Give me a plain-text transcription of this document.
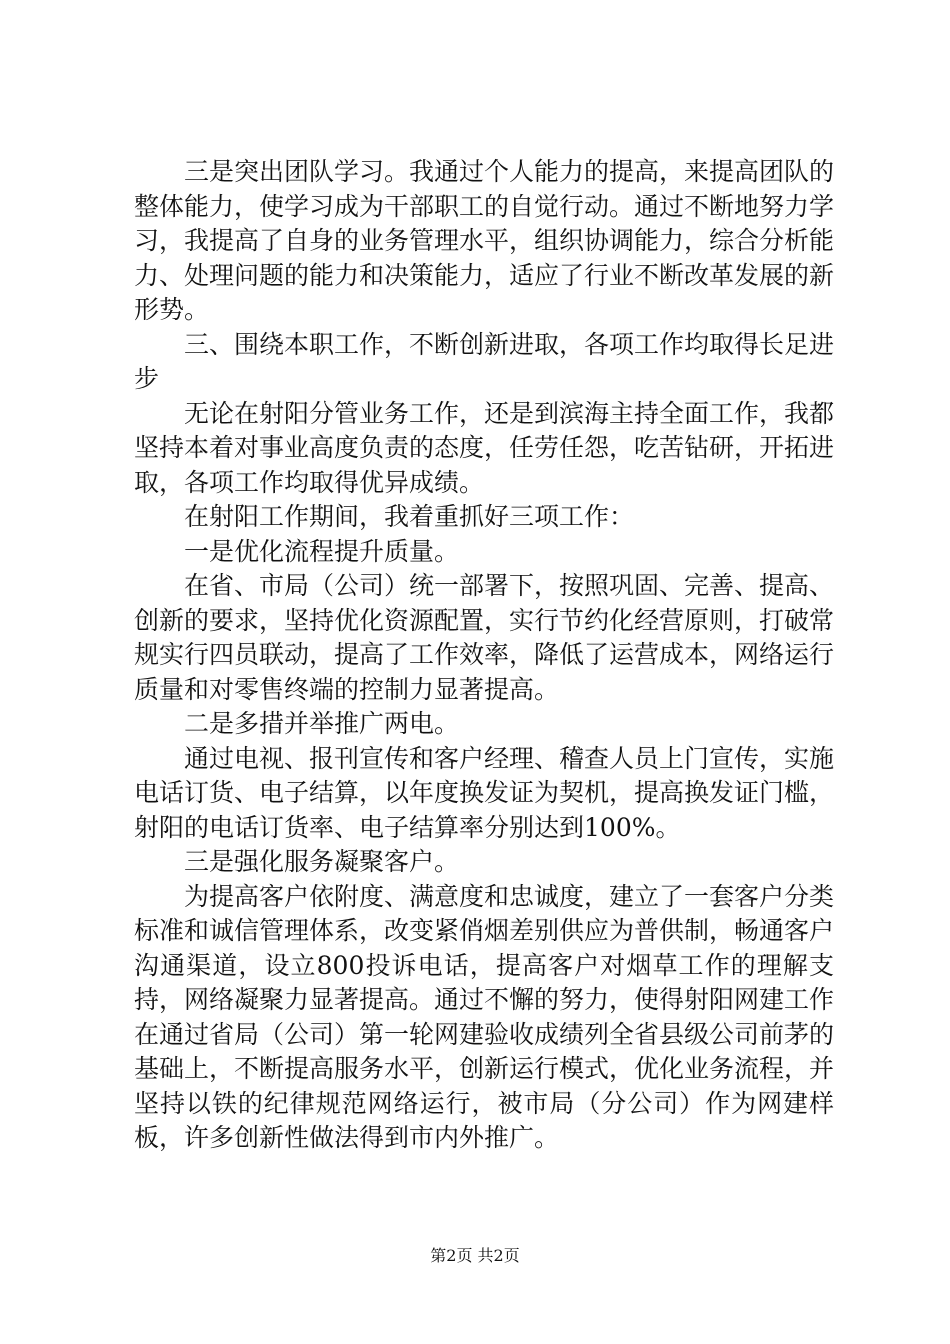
三是突出团队学习。我通过个人能力的提高，来提高团队的整体能力，使学习成为干部职工的自觉行动。通过不断地努力学习，我提高了自身的业务管理水平，组织协调能力，综合分析能力、处理问题的能力和决策能力，适应了行业不断改革发展的新形势。

三、围绕本职工作，不断创新进取，各项工作均取得长足进步

无论在射阳分管业务工作，还是到滨海主持全面工作，我都坚持本着对事业高度负责的态度，任劳任怨，吃苦钻研，开拓进取，各项工作均取得优异成绩。

在射阳工作期间，我着重抓好三项工作：

一是优化流程提升质量。

在省、市局（公司）统一部署下，按照巩固、完善、提高、创新的要求，坚持优化资源配置，实行节约化经营原则，打破常规实行四员联动，提高了工作效率，降低了运营成本，网络运行质量和对零售终端的控制力显著提高。

二是多措并举推广两电。

通过电视、报刊宣传和客户经理、稽查人员上门宣传，实施电话订货、电子结算，以年度换发证为契机，提高换发证门槛，射阳的电话订货率、电子结算率分别达到100%。

三是强化服务凝聚客户。

为提高客户依附度、满意度和忠诚度，建立了一套客户分类标准和诚信管理体系，改变紧俏烟差别供应为普供制，畅通客户沟通渠道，设立800投诉电话，提高客户对烟草工作的理解支持，网络凝聚力显著提高。通过不懈的努力，使得射阳网建工作在通过省局（公司）第一轮网建验收成绩列全省县级公司前茅的基础上，不断提高服务水平，创新运行模式，优化业务流程，并坚持以铁的纪律规范网络运行，被市局（分公司）作为网建样板，许多创新性做法得到市内外推广。

第2页 共2页
